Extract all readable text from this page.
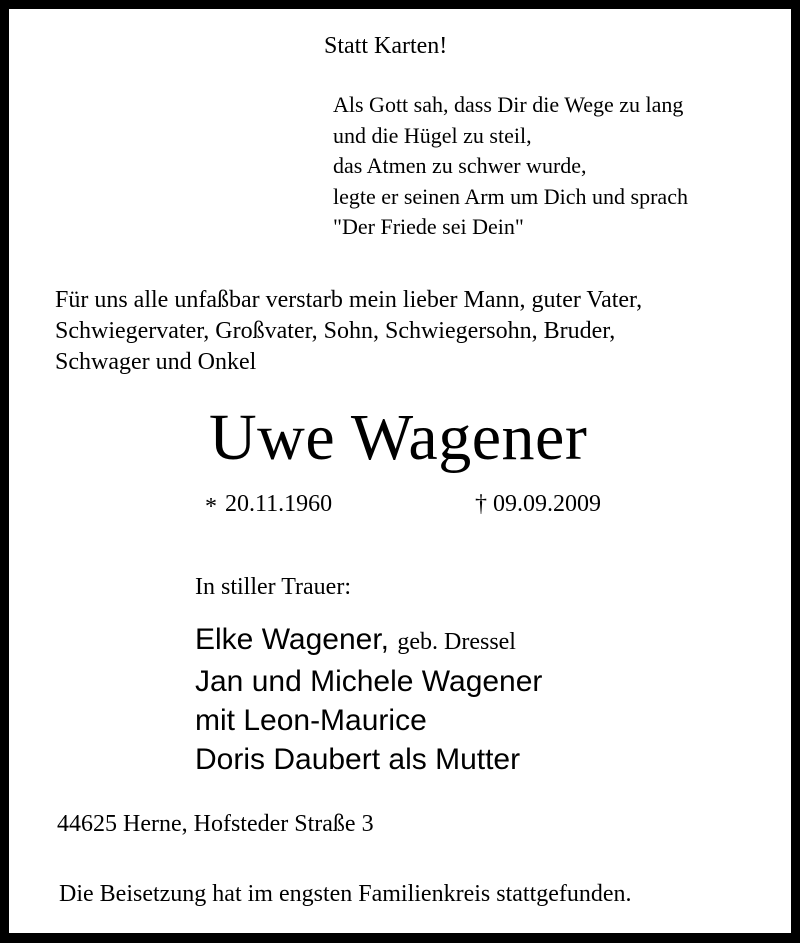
Statt Karten!
Als Gott sah, dass Dir die Wege zu lang
und die Hügel zu steil,
das Atmen zu schwer wurde,
legte er seinen Arm um Dich und sprach
"Der Friede sei Dein"
Für uns alle unfaßbar verstarb mein lieber Mann, guter Vater,
Schwiegervater, Großvater, Sohn, Schwiegersohn, Bruder,
Schwager und Onkel
Uwe Wagener
* 20.11.1960	† 09.09.2009
In stiller Trauer:
Elke Wagener, geb. Dressel
Jan und Michele Wagener
mit Leon-Maurice
Doris Daubert als Mutter
44625 Herne, Hofsteder Straße 3
Die Beisetzung hat im engsten Familienkreis stattgefunden.
